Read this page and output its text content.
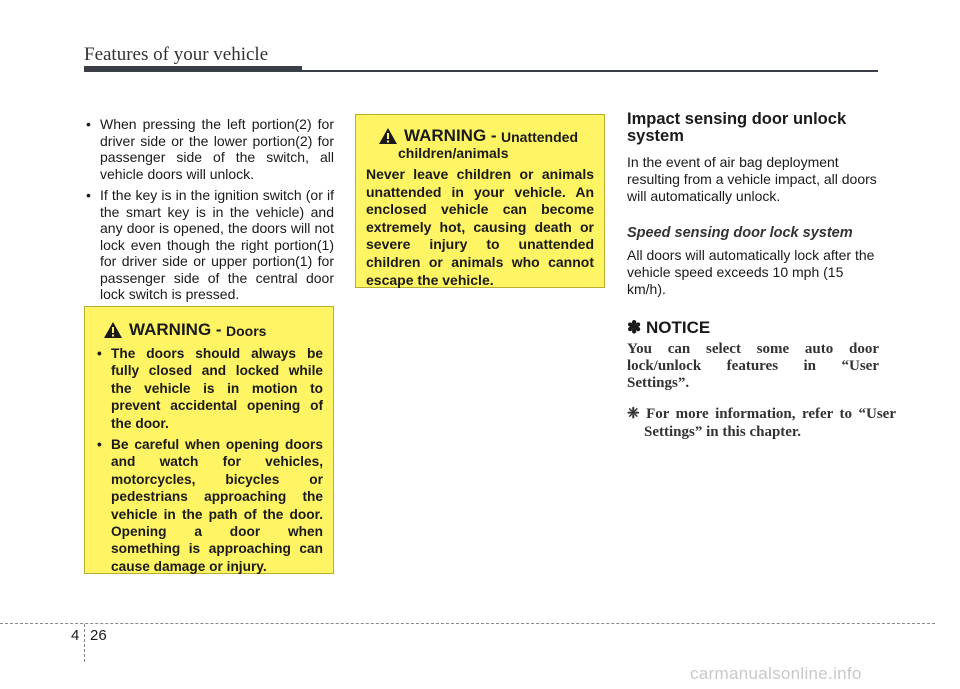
Features of your vehicle
• When pressing the left portion(2) for driver side or the lower portion(2) for passenger side of the switch, all vehicle doors will unlock.
• If the key is in the ignition switch (or if the smart key is in the vehicle) and any door is opened, the doors will not lock even though the right portion(1) for driver side or upper portion(1) for passenger side of the central door lock switch is pressed.
WARNING -
Doors
• The doors should always be fully closed and locked while the vehicle is in motion to prevent accidental opening of the door.
• Be careful when opening doors and watch for vehicles, motorcycles, bicycles or pedestrians approaching the vehicle in the path of the door. Opening a door when something is approaching can cause damage or injury.
WARNING -
Unattended
children/animals
Never leave children or animals unattended in your vehicle. An enclosed vehicle can become extremely hot, causing death or severe injury to unattended children or animals who cannot escape the vehicle.
Impact sensing door unlock system
In the event of air bag deployment resulting from a vehicle impact, all doors will automatically unlock.
Speed sensing door lock system
All doors will automatically lock after the vehicle speed exceeds 10 mph (15 km/h).
✽ NOTICE
You can select some auto door lock/unlock features in “User Settings”.
❈ For more information, refer to “User Settings” in this chapter.
4 26
carmanualsonline.info
